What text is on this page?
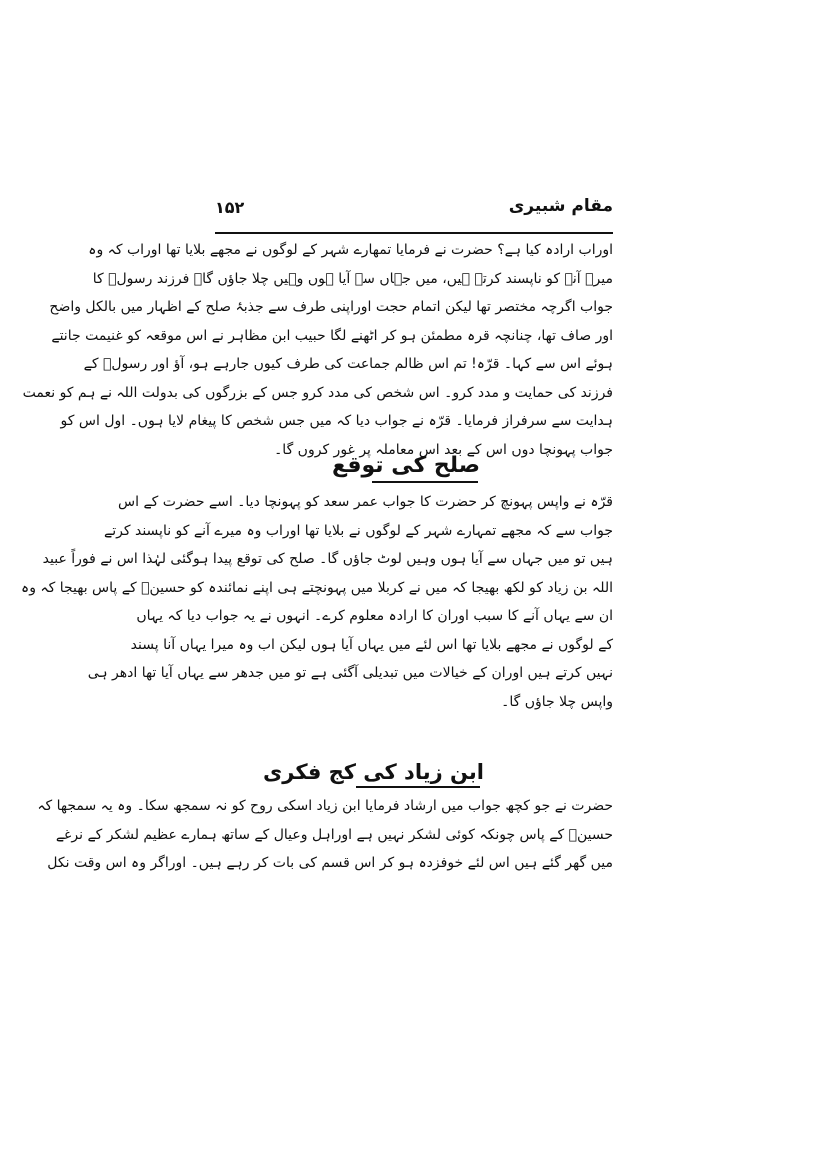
مقام شبیری
۱۵۲
اوراب ارادہ کیا ہے؟ حضرت نے فرمایا تمھارے شہر کے لوگوں نے مجھے بلایا تھا اوراب کہ وہ
میرے آنے کو ناپسند کرتے ہیں، میں جہاں سے آیا ہوں وہیں چلا جاؤں گا۔ فرزند رسولؐ کا
جواب اگرچہ مختصر تھا لیکن اتمام حجت اوراپنی طرف سے جذبۂ صلح کے اظہار میں بالکل واضح
اور صاف تھا، چنانچہ قرہ مطمئن ہو کر اٹھنے لگا حبیب ابن مظاہر نے اس موقعہ کو غنیمت جانتے
ہوئے اس سے کہا۔ قرّہ! تم اس ظالم جماعت کی طرف کیوں جارہے ہو، آؤ اور رسولؐ کے
فرزند کی حمایت و مدد کرو۔ اس شخص کی مدد کرو جس کے بزرگوں کی بدولت اللہ نے ہم کو نعمت
ہدایت سے سرفراز فرمایا۔ قرّہ نے جواب دیا کہ میں جس شخص کا پیغام لایا ہوں۔ اول اس کو
جواب پہونچا دوں اس کے بعد اس معاملہ پر غور کروں گا۔
صلح کی توقع
قرّہ نے واپس پہونچ کر حضرت کا جواب عمر سعد کو پہونچا دیا۔ اسے حضرت کے اس
جواب سے کہ مجھے تمہارے شہر کے لوگوں نے بلایا تھا اوراب وہ میرے آنے کو ناپسند کرتے
ہیں تو میں جہاں سے آیا ہوں وہیں لوٹ جاؤں گا۔ صلح کی توقع پیدا ہوگئی لہٰذا اس نے فوراً عبید
اللہ بن زیاد کو لکھ بھیجا کہ میں نے کربلا میں پہونچتے ہی اپنے نمائندہ کو حسینؑ کے پاس بھیجا کہ وہ
ان سے یہاں آنے کا سبب اوران کا ارادہ معلوم کرے۔ انہوں نے یہ جواب دیا کہ یہاں
کے لوگوں نے مجھے بلایا تھا اس لئے میں یہاں آیا ہوں لیکن اب وہ میرا یہاں آنا پسند
نہیں کرتے ہیں اوران کے خیالات میں تبدیلی آگئی ہے تو میں جدھر سے یہاں آیا تھا ادھر ہی
واپس چلا جاؤں گا۔
ابن زیاد کی کج فکری
حضرت نے جو کچھ جواب میں ارشاد فرمایا ابن زیاد اسکی روح کو نہ سمجھ سکا۔ وہ یہ سمجھا کہ
حسینؑ کے پاس چونکہ کوئی لشکر نہیں ہے اوراہل وعیال کے ساتھ ہمارے عظیم لشکر کے نرغے
میں گھر گئے ہیں اس لئے خوفزدہ ہو کر اس قسم کی بات کر رہے ہیں۔ اوراگر وہ اس وقت نکل
